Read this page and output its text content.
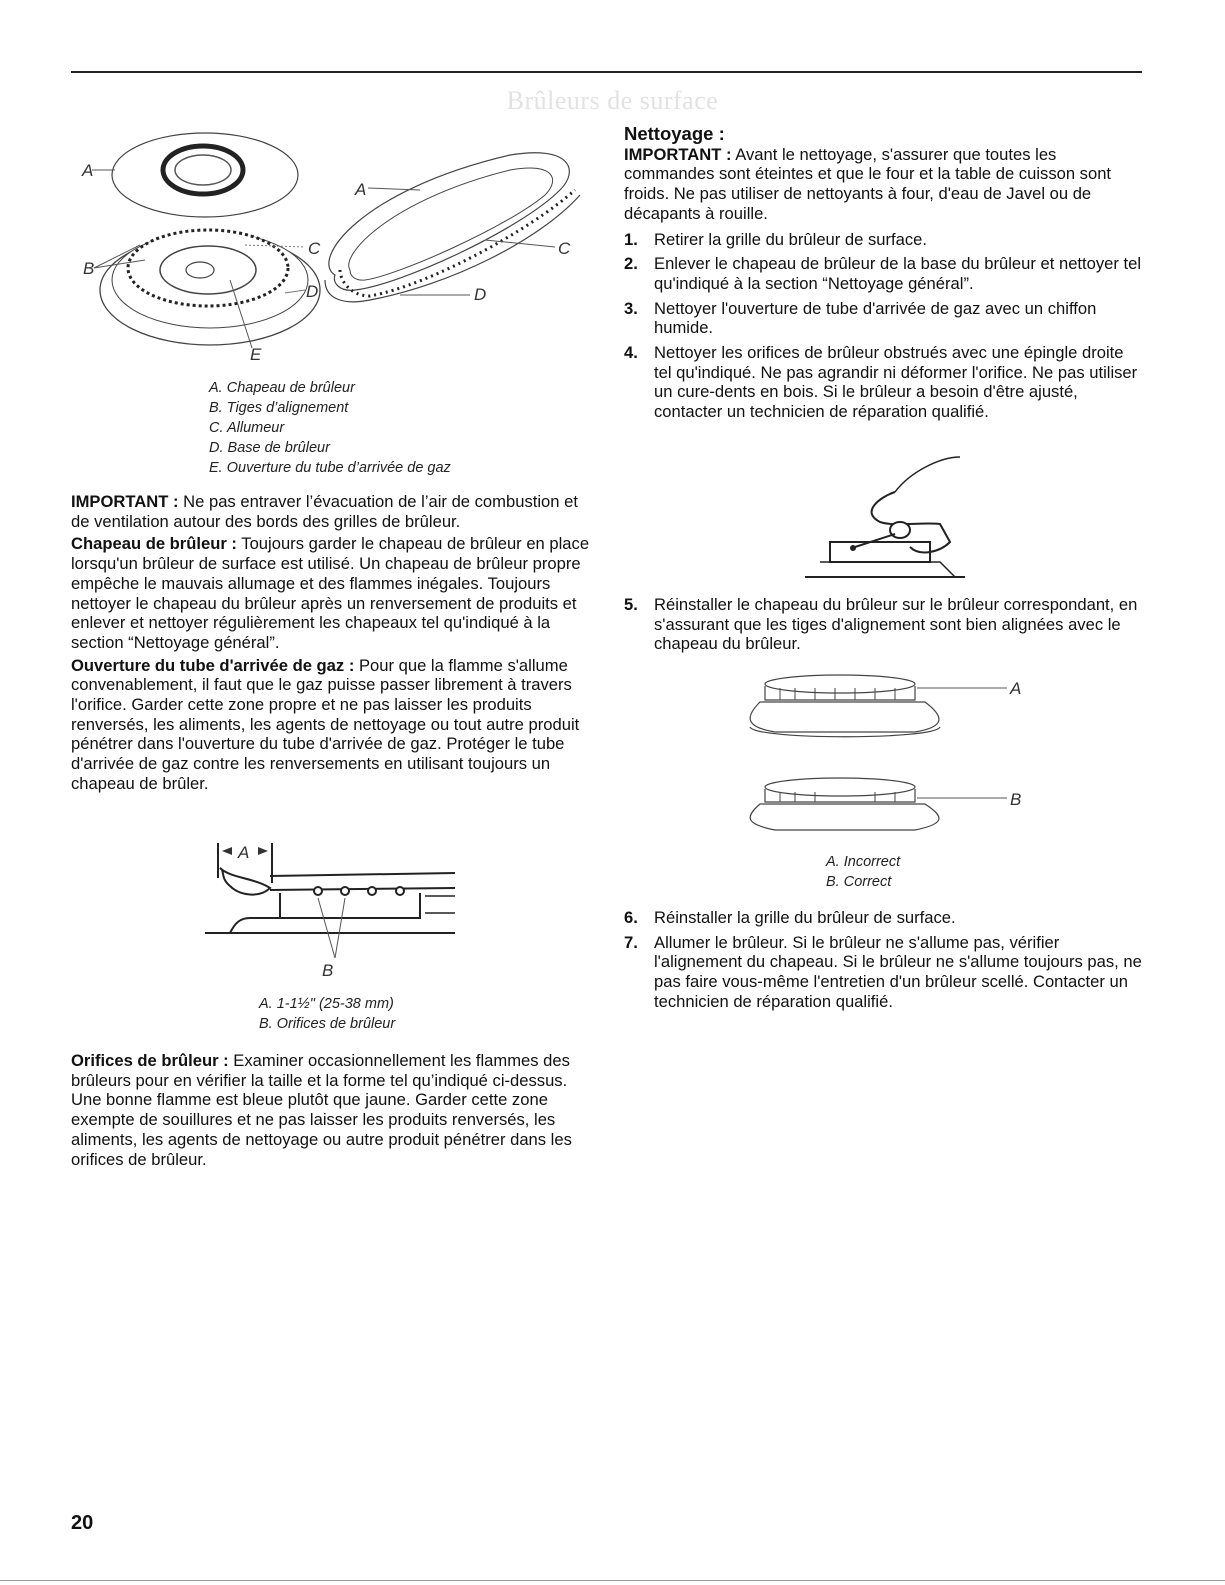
Brûleurs de surface
A
B
C
D
E
A
C
D
A. Chapeau de brûleur
B. Tiges d’alignement
C. Allumeur
D. Base de brûleur
E. Ouverture du tube d’arrivée de gaz

IMPORTANT : Ne pas entraver l’évacuation de l’air de combustion et de ventilation autour des bords des grilles de brûleur.

Chapeau de brûleur : Toujours garder le chapeau de brûleur en place lorsqu'un brûleur de surface est utilisé. Un chapeau de brûleur propre empêche le mauvais allumage et des flammes inégales. Toujours nettoyer le chapeau du brûleur après un renversement de produits et enlever et nettoyer régulièrement les chapeaux tel qu'indiqué à la section “Nettoyage général”.

Ouverture du tube d'arrivée de gaz : Pour que la flamme s'allume convenablement, il faut que le gaz puisse passer librement à travers l'orifice. Garder cette zone propre et ne pas laisser les produits renversés, les aliments, les agents de nettoyage ou tout autre produit pénétrer dans l'ouverture du tube d'arrivée de gaz. Protéger le tube d'arrivée de gaz contre les renversements en utilisant toujours un chapeau de brûler.

A
B
A. 1-1½" (25-38 mm)
B. Orifices de brûleur

Orifices de brûleur : Examiner occasionnellement les flammes des brûleurs pour en vérifier la taille et la forme tel qu’indiqué ci-dessus. Une bonne flamme est bleue plutôt que jaune. Garder cette zone exempte de souillures et ne pas laisser les produits renversés, les aliments, les agents de nettoyage ou autre produit pénétrer dans les orifices de brûleur.

Nettoyage :

IMPORTANT : Avant le nettoyage, s'assurer que toutes les commandes sont éteintes et que le four et la table de cuisson sont froids. Ne pas utiliser de nettoyants à four, d'eau de Javel ou de décapants à rouille.

1. Retirer la grille du brûleur de surface.
2. Enlever le chapeau de brûleur de la base du brûleur et nettoyer tel qu'indiqué à la section “Nettoyage général”.
3. Nettoyer l'ouverture de tube d'arrivée de gaz avec un chiffon humide.
4. Nettoyer les orifices de brûleur obstrués avec une épingle droite tel qu'indiqué. Ne pas agrandir ni déformer l'orifice. Ne pas utiliser un cure-dents en bois. Si le brûleur a besoin d'être ajusté, contacter un technicien de réparation qualifié.
5. Réinstaller le chapeau du brûleur sur le brûleur correspondant, en s'assurant que les tiges d'alignement sont bien alignées avec le chapeau du brûleur.
A
B
A. Incorrect
B. Correct
6. Réinstaller la grille du brûleur de surface.
7. Allumer le brûleur. Si le brûleur ne s'allume pas, vérifier l'alignement du chapeau. Si le brûleur ne s'allume toujours pas, ne pas faire vous-même l'entretien d'un brûleur scellé. Contacter un technicien de réparation qualifié.
20
